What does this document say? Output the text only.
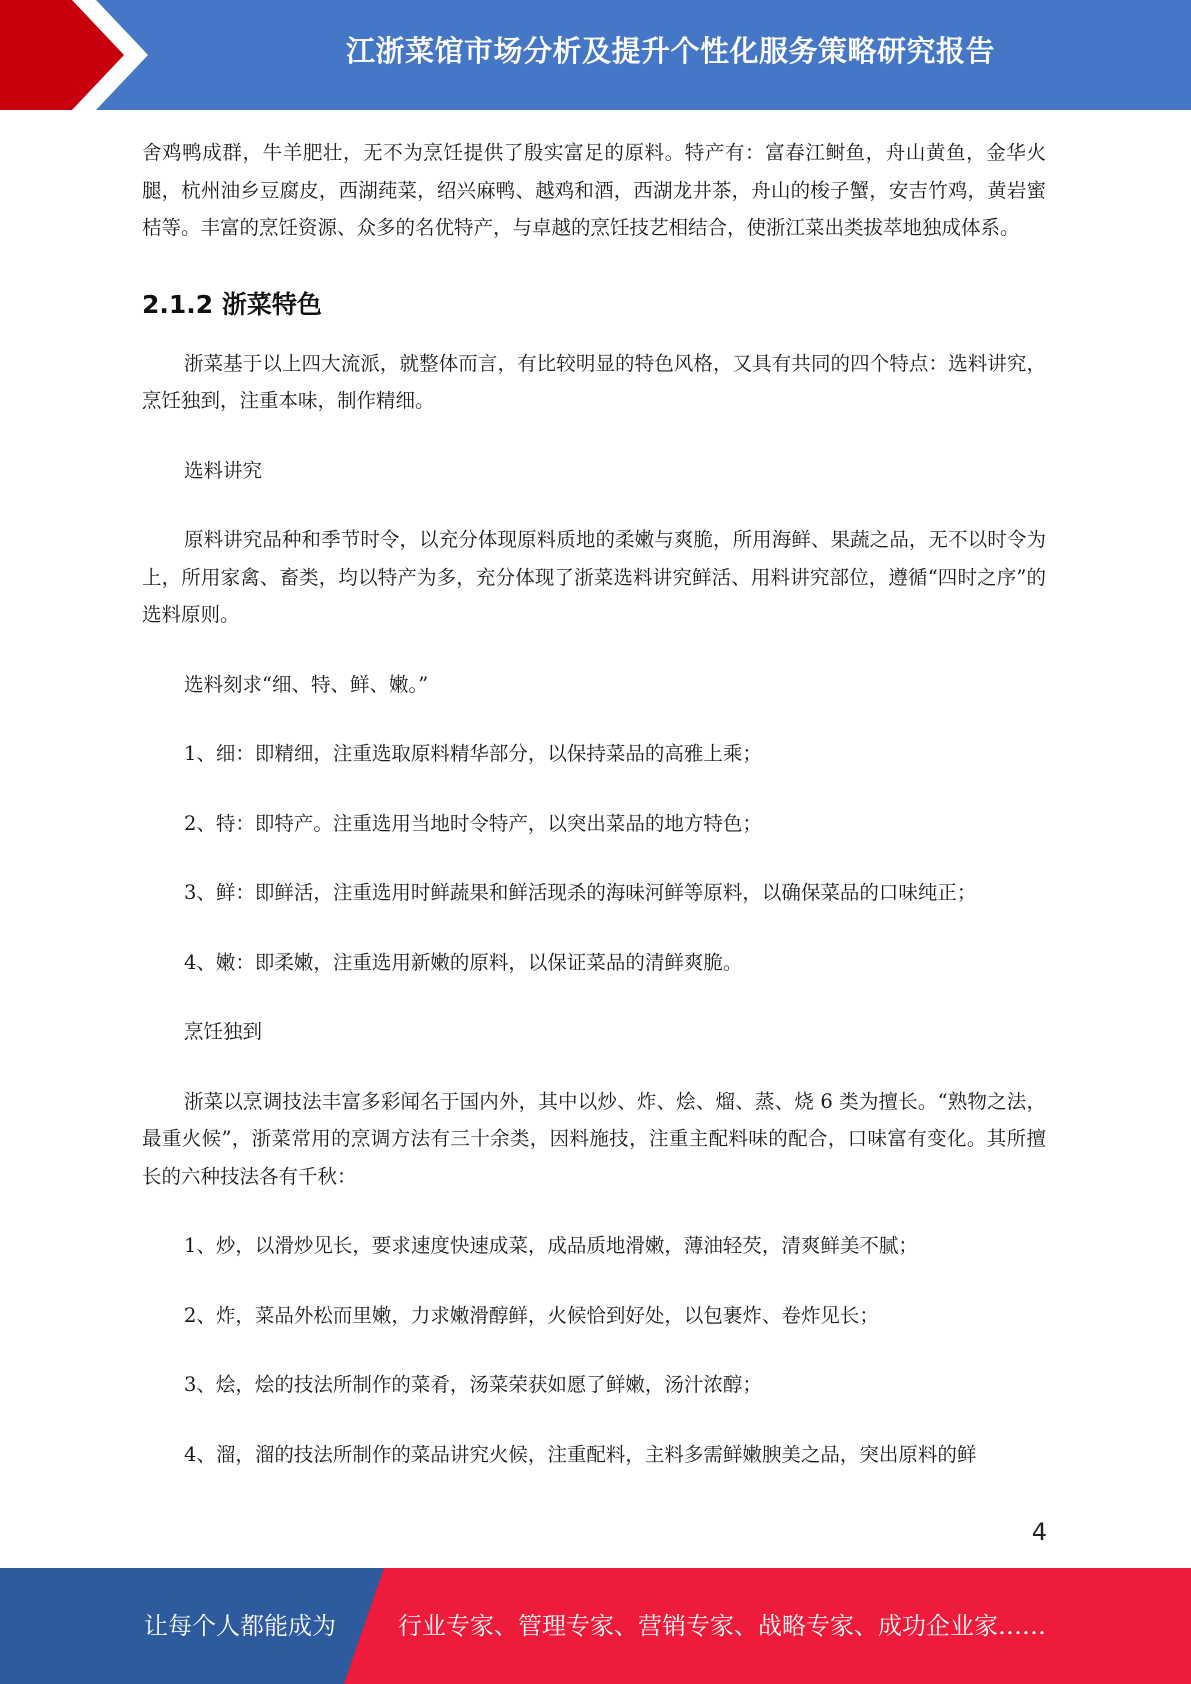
江浙菜馆市场分析及提升个性化服务策略研究报告

舍鸡鸭成群，牛羊肥壮，无不为烹饪提供了殷实富足的原料。特产有：富春江鲥鱼，舟山黄鱼，金华火腿，杭州油乡豆腐皮，西湖莼菜，绍兴麻鸭、越鸡和酒，西湖龙井茶，舟山的梭子蟹，安吉竹鸡，黄岩蜜桔等。丰富的烹饪资源、众多的名优特产，与卓越的烹饪技艺相结合，使浙江菜出类拔萃地独成体系。

2.1.2 浙菜特色

浙菜基于以上四大流派，就整体而言，有比较明显的特色风格，又具有共同的四个特点：选料讲究，烹饪独到，注重本味，制作精细。

选料讲究

原料讲究品种和季节时令，以充分体现原料质地的柔嫩与爽脆，所用海鲜、果蔬之品，无不以时令为上，所用家禽、畜类，均以特产为多，充分体现了浙菜选料讲究鲜活、用料讲究部位，遵循“四时之序”的选料原则。

选料刻求“细、特、鲜、嫩。”

1、细：即精细，注重选取原料精华部分，以保持菜品的高雅上乘；

2、特：即特产。注重选用当地时令特产，以突出菜品的地方特色；

3、鲜：即鲜活，注重选用时鲜蔬果和鲜活现杀的海味河鲜等原料，以确保菜品的口味纯正；

4、嫩：即柔嫩，注重选用新嫩的原料，以保证菜品的清鲜爽脆。

烹饪独到

浙菜以烹调技法丰富多彩闻名于国内外，其中以炒、炸、烩、熘、蒸、烧 6 类为擅长。“熟物之法，最重火候”，浙菜常用的烹调方法有三十余类，因料施技，注重主配料味的配合，口味富有变化。其所擅长的六种技法各有千秋：

1、炒，以滑炒见长，要求速度快速成菜，成品质地滑嫩，薄油轻芡，清爽鲜美不腻；

2、炸，菜品外松而里嫩，力求嫩滑醇鲜，火候恰到好处，以包裹炸、卷炸见长；

3、烩，烩的技法所制作的菜肴，汤菜荣获如愿了鲜嫩，汤汁浓醇；

4、溜，溜的技法所制作的菜品讲究火候，注重配料，主料多需鲜嫩腴美之品，突出原料的鲜

4
让每个人都能成为	行业专家、管理专家、营销专家、战略专家、成功企业家……
